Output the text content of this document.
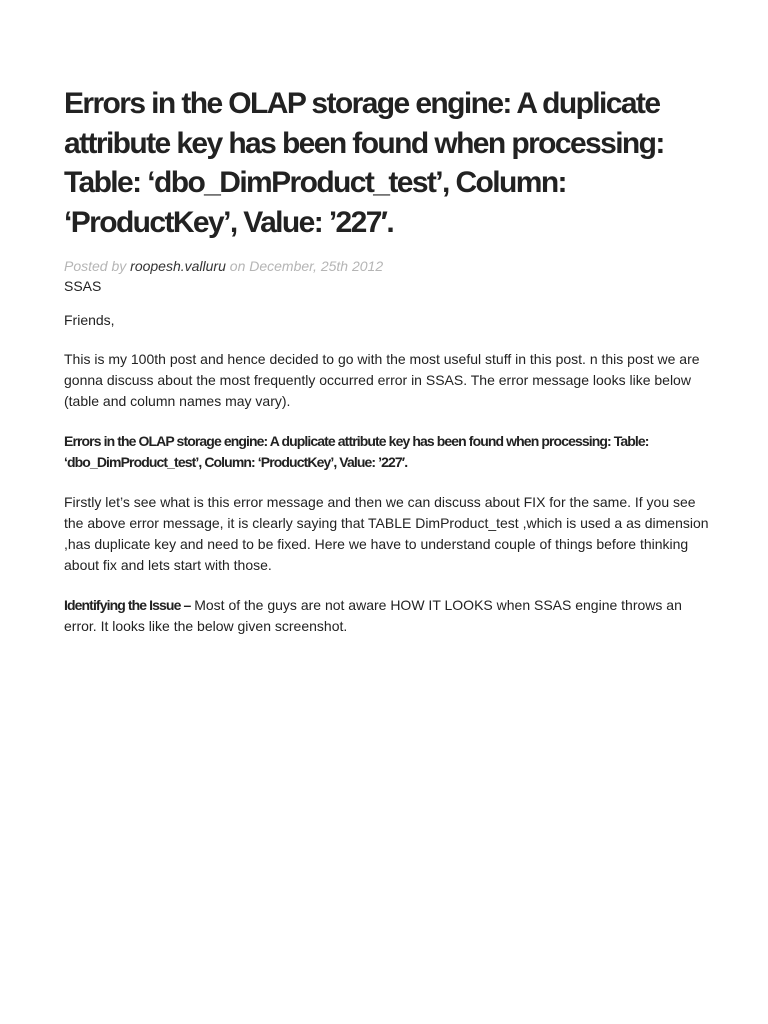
Errors in the OLAP storage engine: A duplicate attribute key has been found when processing: Table: ‘dbo_DimProduct_test’, Column: ‘ProductKey’, Value: ’227′.
Posted by roopesh.valluru on December, 25th 2012
SSAS

Friends,

This is my 100th post and hence decided to go with the most useful stuff in this post. n this post we are gonna discuss about the most frequently occurred error in SSAS. The error message looks like below (table and column names may vary).

Errors in the OLAP storage engine: A duplicate attribute key has been found when processing: Table: ‘dbo_DimProduct_test’, Column: ‘ProductKey’, Value: ’227′.

Firstly let’s see what is this error message and then we can discuss about FIX for the same. If you see the above error message, it is clearly saying that TABLE DimProduct_test ,which is used a as dimension ,has duplicate key and need to be fixed. Here we have to understand couple of things before thinking about fix and lets start with those.

Identifying the Issue – Most of the guys are not aware HOW IT LOOKS when SSAS engine throws an error. It looks like the below given screenshot.
